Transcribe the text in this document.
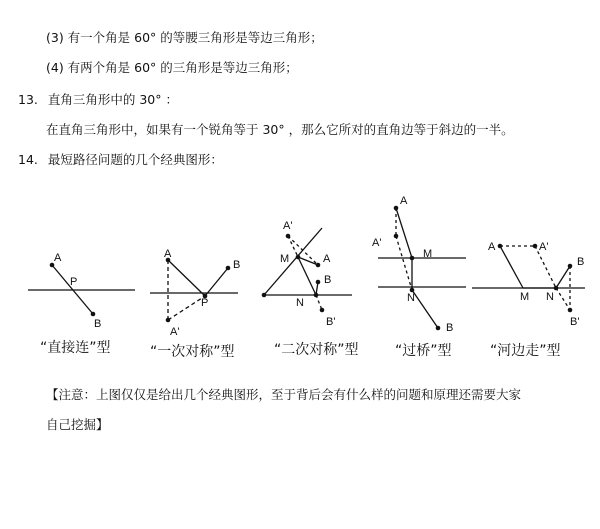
(3) 有一个角是 60° 的等腰三角形是等边三角形；
(4) 有两个角是 60° 的三角形是等边三角形；
13. 直角三角形中的 30° ：
在直角三角形中，如果有一个锐角等于 30° ，那么它所对的直角边等于斜边的一半。
14. 最短路径问题的几个经典图形：
A
P
B
A
B
P
A'
A'
M	A
B
N
B'
A
A'
M
N
B
A	A'
B
M N
B'
“直接连”型	“一次对称”型	“二次对称”型	“过桥”型	“河边走”型
【注意：上图仅仅是给出几个经典图形，至于背后会有什么样的问题和原理还需要大家
自己挖掘】
